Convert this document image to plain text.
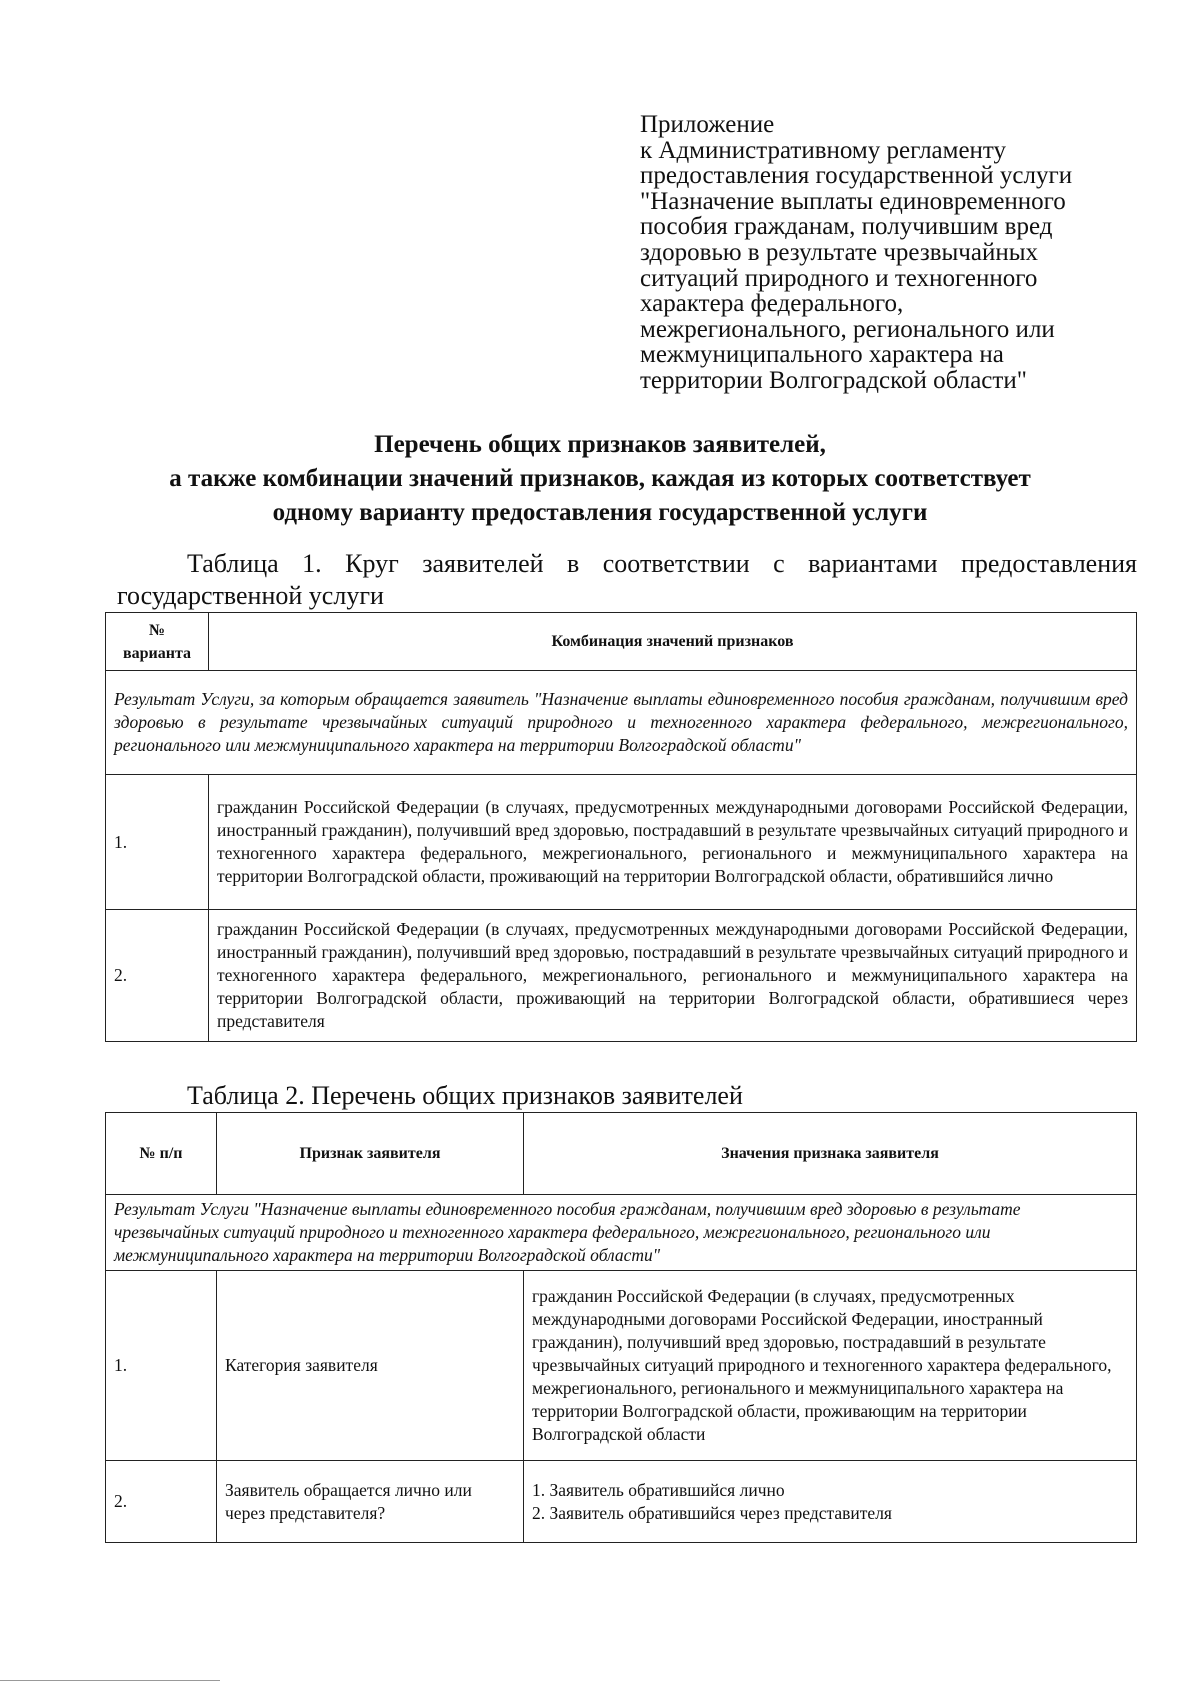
Приложение
к Административному регламенту
предоставления государственной услуги
"Назначение выплаты единовременного
пособия гражданам, получившим вред
здоровью в результате чрезвычайных
ситуаций природного и техногенного
характера федерального,
межрегионального, регионального или
межмуниципального характера на
территории Волгоградской области"
Перечень общих признаков заявителей,
а также комбинации значений признаков, каждая из которых соответствует
одному варианту предоставления государственной услуги
Таблица 1. Круг заявителей в соответствии с вариантами предоставления государственной услуги
№ варианта	Комбинация значений признаков
Результат Услуги, за которым обращается заявитель "Назначение выплаты единовременного пособия гражданам, получившим вред здоровью в результате чрезвычайных ситуаций природного и техногенного характера федерального, межрегионального, регионального или межмуниципального характера на территории Волгоградской области"	
1.	гражданин Российской Федерации (в случаях, предусмотренных международными договорами Российской Федерации, иностранный гражданин), получивший вред здоровью, пострадавший в результате чрезвычайных ситуаций природного и техногенного характера федерального, межрегионального, регионального и межмуниципального характера на территории Волгоградской области, проживающий на территории Волгоградской области, обратившийся лично
2.	гражданин Российской Федерации (в случаях, предусмотренных международными договорами Российской Федерации, иностранный гражданин), получивший вред здоровью, пострадавший в результате чрезвычайных ситуаций природного и техногенного характера федерального, межрегионального, регионального и межмуниципального характера на территории Волгоградской области, проживающий на территории Волгоградской области, обратившиеся через представителя
Таблица 2. Перечень общих признаков заявителей
№ п/п	Признак заявителя	Значения признака заявителя
Результат Услуги "Назначение выплаты единовременного пособия гражданам, получившим вред здоровью в результате чрезвычайных ситуаций природного и техногенного характера федерального, межрегионального, регионального или межмуниципального характера на территории Волгоградской области"		
1.	Категория заявителя	гражданин Российской Федерации (в случаях, предусмотренных международными договорами Российской Федерации, иностранный гражданин), получивший вред здоровью, пострадавший в результате чрезвычайных ситуаций природного и техногенного характера федерального, межрегионального, регионального и межмуниципального характера на территории Волгоградской области, проживающим на территории Волгоградской области
2.	Заявитель обращается лично или через представителя?	1. Заявитель обратившийся лично
2. Заявитель обратившийся через представителя
